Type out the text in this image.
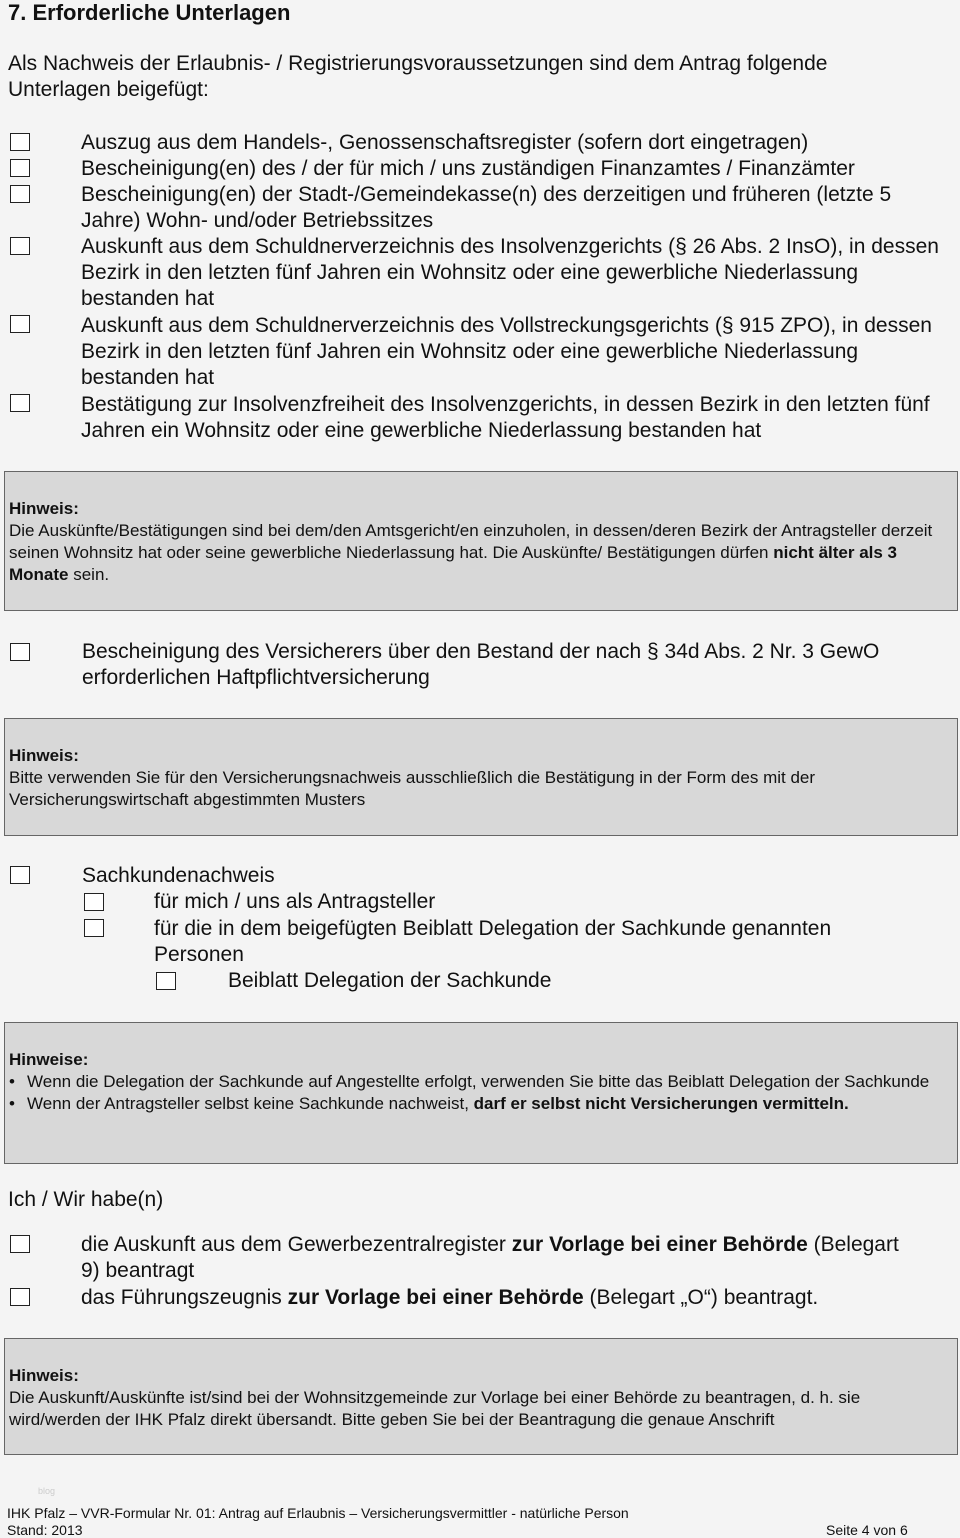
7. Erforderliche Unterlagen
Als Nachweis der Erlaubnis- / Registrierungsvoraussetzungen sind dem Antrag folgende Unterlagen beigefügt:
Auszug aus dem Handels-, Genossenschaftsregister (sofern dort eingetragen)
Bescheinigung(en) des / der für mich / uns zuständigen Finanzamtes / Finanzämter
Bescheinigung(en) der Stadt-/Gemeindekasse(n) des derzeitigen und früheren (letzte 5 Jahre) Wohn- und/oder Betriebssitzes
Auskunft aus dem Schuldnerverzeichnis des Insolvenzgerichts (§ 26 Abs. 2 InsO), in dessen Bezirk in den letzten fünf Jahren ein Wohnsitz oder eine gewerbliche Niederlassung bestanden hat
Auskunft aus dem Schuldnerverzeichnis des Vollstreckungsgerichts (§ 915 ZPO), in dessen Bezirk in den letzten fünf Jahren ein Wohnsitz oder eine gewerbliche Niederlassung bestanden hat
Bestätigung zur Insolvenzfreiheit des Insolvenzgerichts, in dessen Bezirk in den letzten fünf Jahren ein Wohnsitz oder eine gewerbliche Niederlassung bestanden hat
Hinweis:
Die Auskünfte/Bestätigungen sind bei dem/den Amtsgericht/en einzuholen, in dessen/deren Bezirk der Antragsteller derzeit seinen Wohnsitz hat oder seine gewerbliche Niederlassung hat. Die Auskünfte/ Bestätigungen dürfen nicht älter als 3 Monate sein.
Bescheinigung des Versicherers über den Bestand der nach § 34d Abs. 2 Nr. 3 GewO erforderlichen Haftpflichtversicherung
Hinweis:
Bitte verwenden Sie für den Versicherungsnachweis ausschließlich die Bestätigung in der Form des mit der Versicherungswirtschaft abgestimmten Musters
Sachkundenachweis
für mich / uns als Antragsteller
für die in dem beigefügten Beiblatt Delegation der Sachkunde genannten Personen
Beiblatt Delegation der Sachkunde
Hinweise:
• Wenn die Delegation der Sachkunde auf Angestellte erfolgt, verwenden Sie bitte das Beiblatt Delegation der Sachkunde
• Wenn der Antragsteller selbst keine Sachkunde nachweist, darf er selbst nicht Versicherungen vermitteln.
Ich / Wir habe(n)
die Auskunft aus dem Gewerbezentralregister zur Vorlage bei einer Behörde (Belegart 9) beantragt
das Führungszeugnis zur Vorlage bei einer Behörde (Belegart „O“) beantragt.
Hinweis:
Die Auskunft/Auskünfte ist/sind bei der Wohnsitzgemeinde zur Vorlage bei einer Behörde zu beantragen, d. h. sie wird/werden der IHK Pfalz direkt übersandt. Bitte geben Sie bei der Beantragung die genaue Anschrift
blog
IHK Pfalz – VVR-Formular Nr. 01: Antrag auf Erlaubnis – Versicherungsvermittler - natürliche Person
Stand: 2013	Seite 4 von 6
